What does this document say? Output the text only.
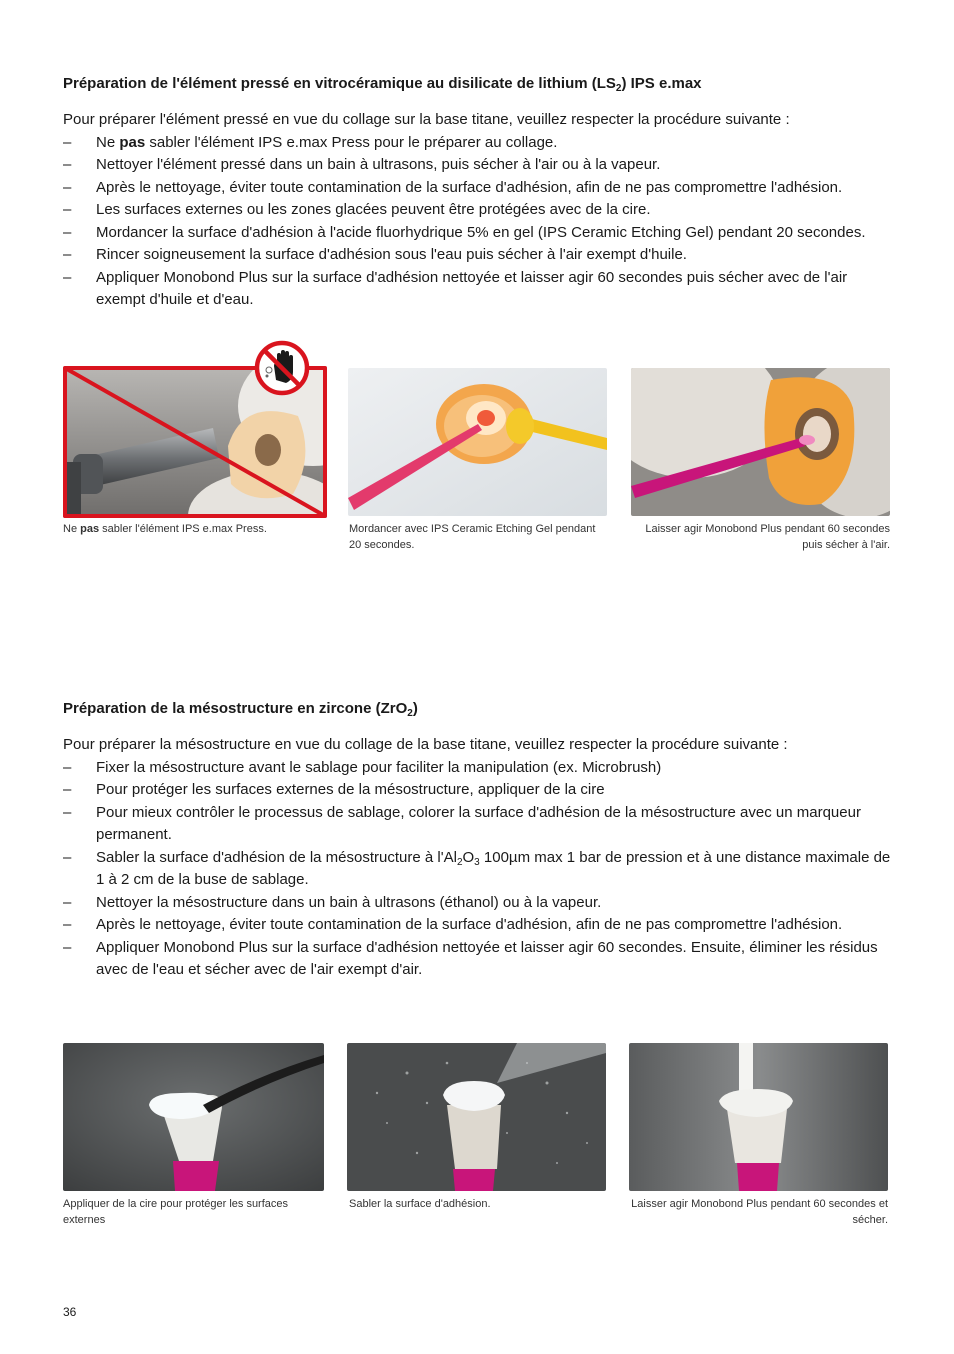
Préparation de l'élément pressé en vitrocéramique au disilicate de lithium $(LS_2)$ IPS e.max

Pour préparer l'élément pressé en vue du collage sur la base titane, veuillez respecter la procédure suivante :

– Ne pas sabler l'élément IPS e.max Press pour le préparer au collage.
– Nettoyer l'élément pressé dans un bain à ultrasons, puis sécher à l'air ou à la vapeur.
– Après le nettoyage, éviter toute contamination de la surface d'adhésion, afin de ne pas compromettre l'adhésion.
– Les surfaces externes ou les zones glacées peuvent être protégées avec de la cire.
– Mordancer la surface d'adhésion à l'acide fluorhydrique 5% en gel (IPS Ceramic Etching Gel) pendant 20 secondes.
– Rincer soigneusement la surface d'adhésion sous l'eau puis sécher à l'air exempt d'huile.
– Appliquer Monobond Plus sur la surface d'adhésion nettoyée et laisser agir 60 secondes puis sécher avec de l'air exempt d'huile et d'eau.
Ne pas sabler l'élément IPS e.max Press.	Mordancer avec IPS Ceramic Etching Gel pendant 20 secondes.
Laisser agir Monobond Plus pendant 60 secondes puis sécher à l'air.
Préparation de la mésostructure en zircone (ZrO$_2$)

Pour préparer la mésostructure en vue du collage de la base titane, veuillez respecter la procédure suivante :

– Fixer la mésostructure avant le sablage pour faciliter la manipulation (ex. Microbrush)
– Pour protéger les surfaces externes de la mésostructure, appliquer de la cire
– Pour mieux contrôler le processus de sablage, colorer la surface d'adhésion de la mésostructure avec un marqueur permanent.
– Sabler la surface d'adhésion de la mésostructure à $l'Al_2O_3$ 100µm max 1 bar de pression et à une distance maximale de 1 à 2 cm de la buse de sablage.
– Nettoyer la mésostructure dans un bain à ultrasons (éthanol) ou à la vapeur.
– Après le nettoyage, éviter toute contamination de la surface d'adhésion, afin de ne pas compromettre l'adhésion.
– Appliquer Monobond Plus sur la surface d'adhésion nettoyée et laisser agir 60 secondes. Ensuite, éliminer les résidus avec de l'eau et sécher avec de l'air exempt d'air.
Appliquer de la cire pour protéger les surfaces externes
Sabler la surface d'adhésion.	Laisser agir Monobond Plus pendant 60 secondes et sécher.
36
